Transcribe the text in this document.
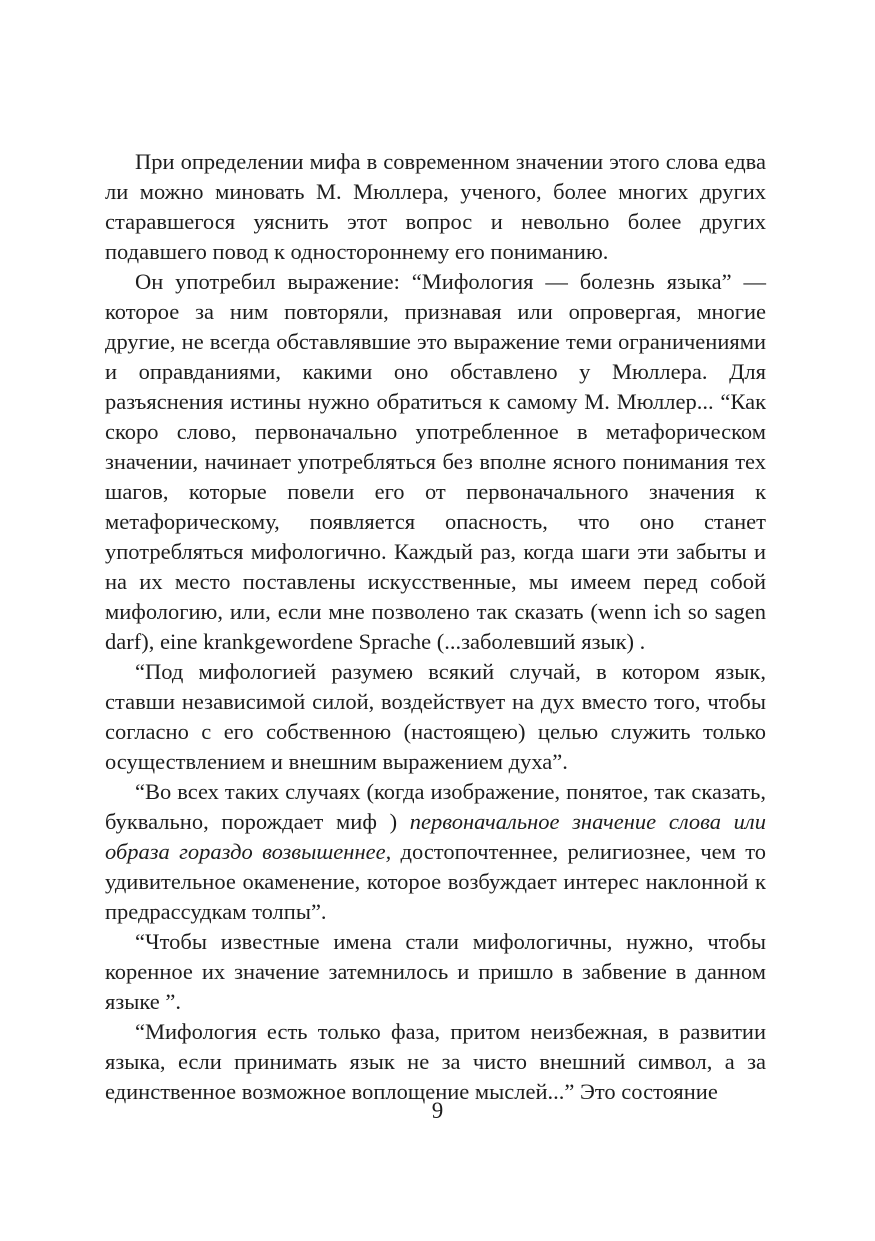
При определении мифа в современном значении этого слова едва ли можно миновать М. Мюллера, ученого, более многих других старавшегося уяснить этот вопрос и невольно более других подавшего повод к одностороннему его пониманию.

Он употребил выражение: “Мифология — болезнь языка” — которое за ним повторяли, признавая или опровергая, многие другие, не всегда обставлявшие это выражение теми ограничениями и оправданиями, какими оно обставлено у Мюллера. Для разъяснения истины нужно обратиться к самому М. Мюллер... “Как скоро слово, первоначально употребленное в метафорическом значении, начинает употребляться без вполне ясного понимания тех шагов, которые повели его от первоначального значения к метафорическому, появляется опасность, что оно станет употребляться мифологично. Каждый раз, когда шаги эти забыты и на их место поставлены искусственные, мы имеем перед собой мифологию, или, если мне позволено так сказать (wenn ich so sagen darf), eine krankgewordene Sprache (...заболевший язык) .

“Под мифологией разумею всякий случай, в котором язык, ставши независимой силой, воздействует на дух вместо того, чтобы согласно с его собственною (настоящею) целью служить только осуществлением и внешним выражением духа”.

“Во всех таких случаях (когда изображение, понятое, так сказать, буквально, порождает миф ) первоначальное значение слова или образа гораздо возвышеннее, достопочтеннее, религиознее, чем то удивительное окаменение, которое возбуждает интерес наклонной к предрассудкам толпы”.

“Чтобы известные имена стали мифологичны, нужно, чтобы коренное их значение затемнилось и пришло в забвение в данном языке ”.

“Мифология есть только фаза, притом неизбежная, в развитии языка, если принимать язык не за чисто внешний символ, а за единственное возможное воплощение мыслей...” Это состояние

9
